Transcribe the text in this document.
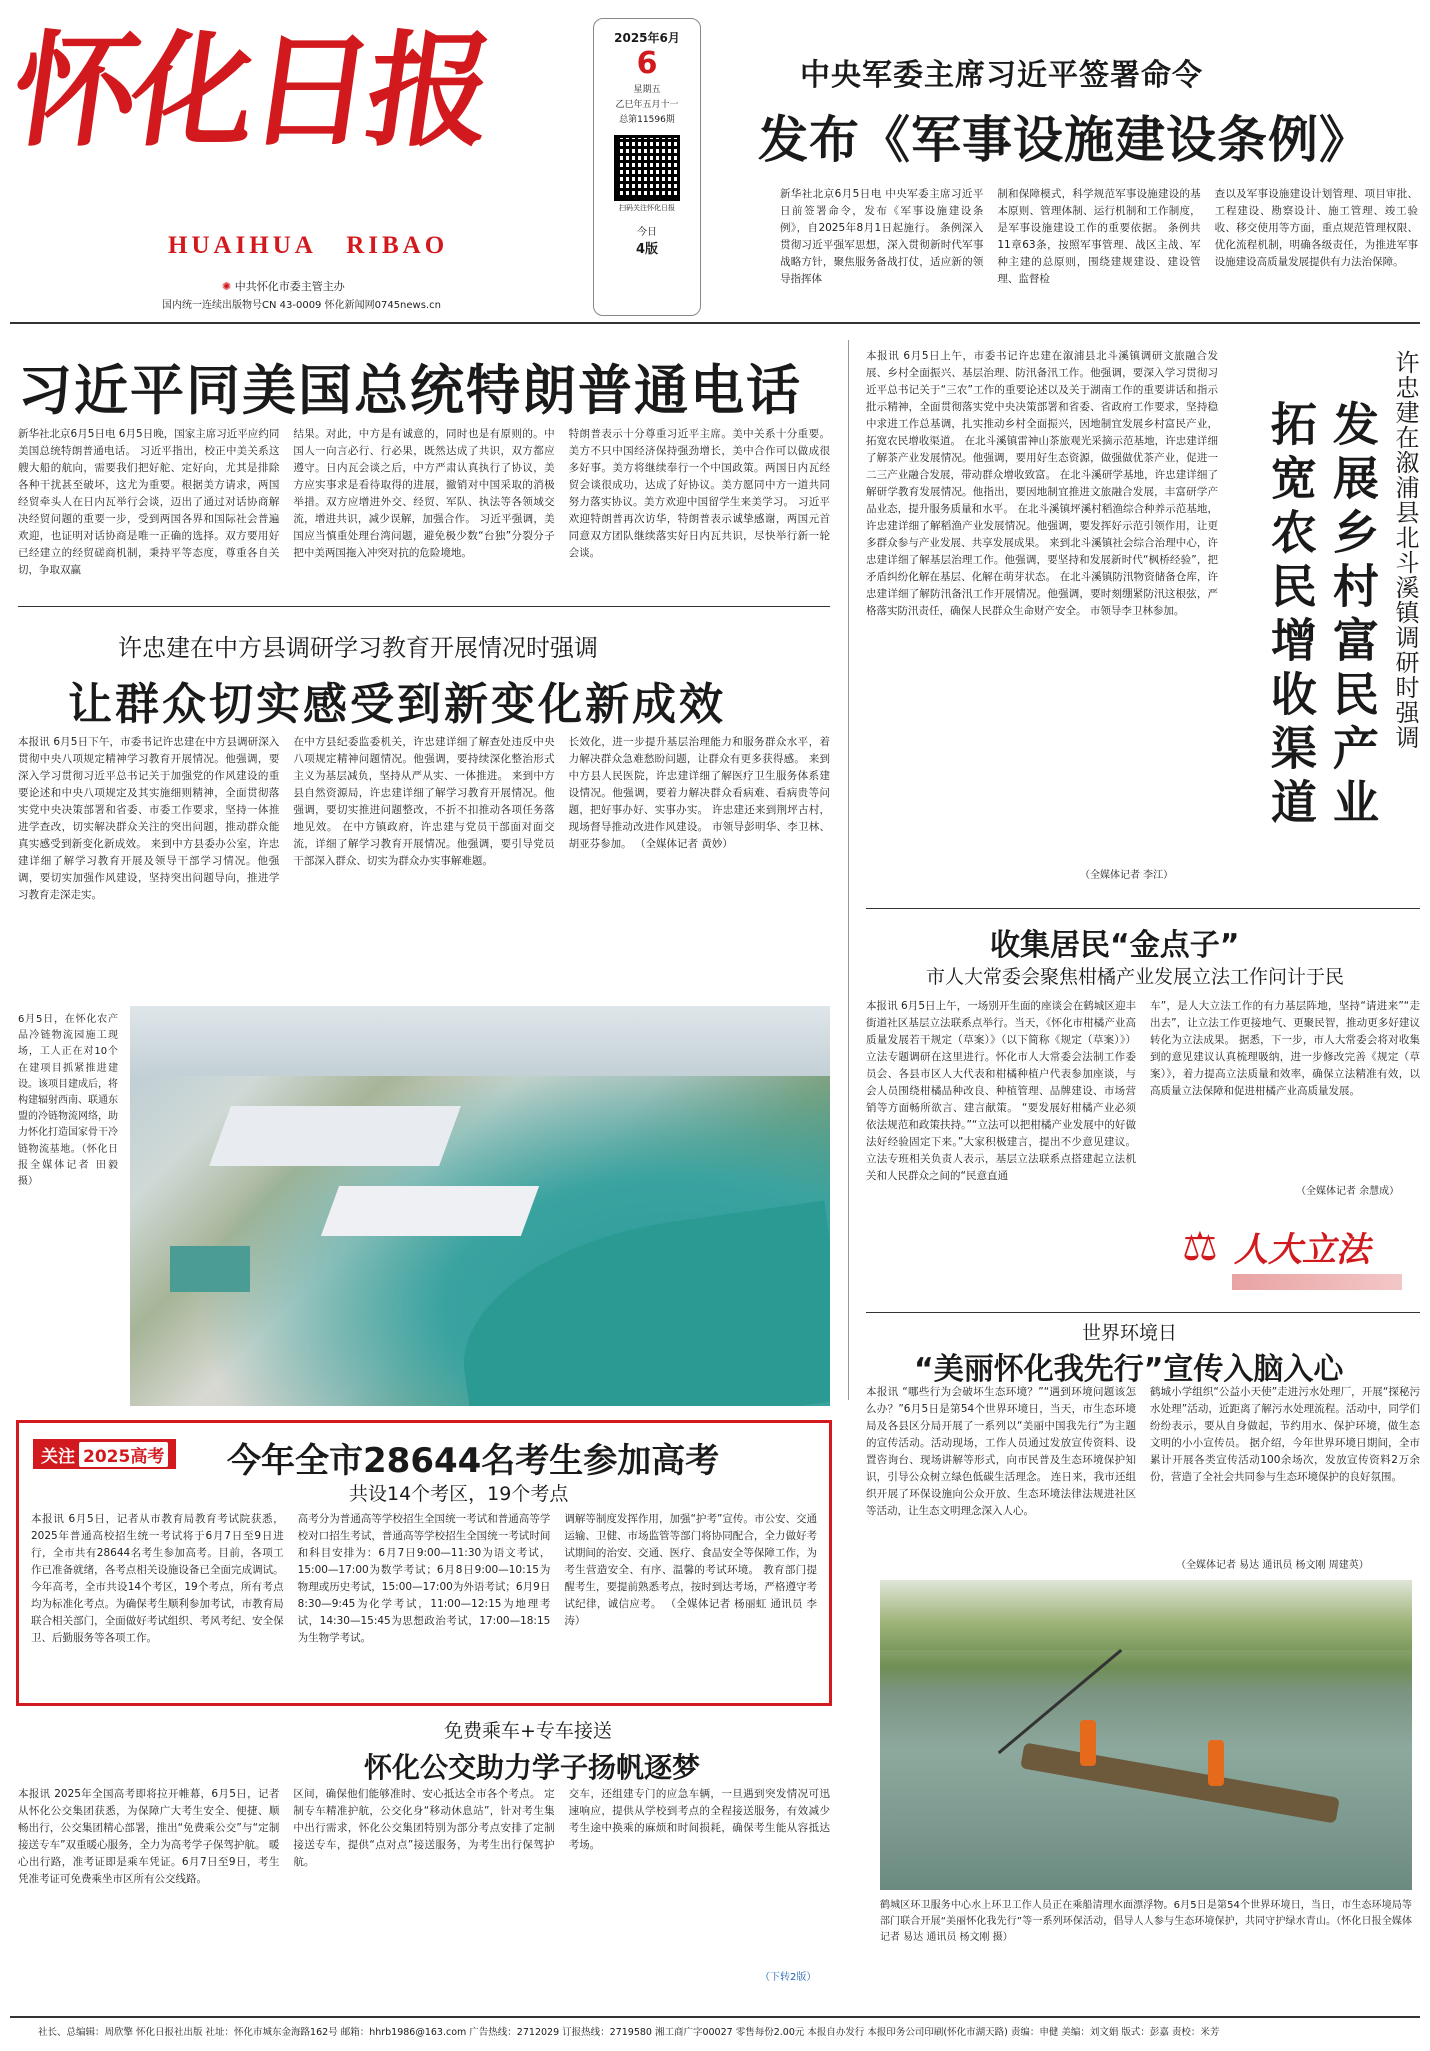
怀化日报
HUAIHUA   RIBAO
✺ 中共怀化市委主管主办
国内统一连续出版物号CN 43-0009 怀化新闻网0745news.cn
2025年6月
6
星期五
乙巳年五月十一
总第11596期
扫码关注怀化日报
今日
4版
中央军委主席习近平签署命令
发布《军事设施建设条例》
新华社北京6月5日电 中央军委主席习近平日前签署命令，发布《军事设施建设条例》，自2025年8月1日起施行。 条例深入贯彻习近平强军思想，深入贯彻新时代军事战略方针，聚焦服务备战打仗，适应新的领导指挥体
制和保障模式，科学规范军事设施建设的基本原则、管理体制、运行机制和工作制度，是军事设施建设工作的重要依据。 条例共11章63条，按照军事管理、战区主战、军种主建的总原则，围绕建规建设、建设管理、监督检
查以及军事设施建设计划管理、项目审批、工程建设、勘察设计、施工管理、竣工验收、移交使用等方面，重点规范管理权限、优化流程机制，明确各级责任，为推进军事设施建设高质量发展提供有力法治保障。
习近平同美国总统特朗普通电话
新华社北京6月5日电 6月5日晚，国家主席习近平应约同美国总统特朗普通电话。 习近平指出，校正中美关系这艘大船的航向，需要我们把好舵、定好向，尤其是排除各种干扰甚至破坏，这尤为重要。根据美方请求，两国经贸牵头人在日内瓦举行会谈，迈出了通过对话协商解决经贸问题的重要一步，受到两国各界和国际社会普遍欢迎，也证明对话协商是唯一正确的选择。双方要用好已经建立的经贸磋商机制，秉持平等态度，尊重各自关切，争取双赢
结果。对此，中方是有诚意的，同时也是有原则的。中国人一向言必行、行必果，既然达成了共识，双方都应遵守。日内瓦会谈之后，中方严肃认真执行了协议，美方应实事求是看待取得的进展，撤销对中国采取的消极举措。双方应增进外交、经贸、军队、执法等各领域交流，增进共识，减少误解，加强合作。 习近平强调，美国应当慎重处理台湾问题，避免极少数“台独”分裂分子把中美两国拖入冲突对抗的危险境地。
特朗普表示十分尊重习近平主席。美中关系十分重要。美方不只中国经济保持强劲增长，美中合作可以做成很多好事。美方将继续奉行一个中国政策。两国日内瓦经贸会谈很成功，达成了好协议。美方愿同中方一道共同努力落实协议。美方欢迎中国留学生来美学习。 习近平欢迎特朗普再次访华，特朗普表示诚挚感谢，两国元首同意双方团队继续落实好日内瓦共识，尽快举行新一轮会谈。
许忠建在中方县调研学习教育开展情况时强调
让群众切实感受到新变化新成效
本报讯 6月5日下午，市委书记许忠建在中方县调研深入贯彻中央八项规定精神学习教育开展情况。他强调，要深入学习贯彻习近平总书记关于加强党的作风建设的重要论述和中央八项规定及其实施细则精神，全面贯彻落实党中央决策部署和省委、市委工作要求，坚持一体推进学查改，切实解决群众关注的突出问题，推动群众能真实感受到新变化新成效。 来到中方县委办公室，许忠建详细了解学习教育开展及领导干部学习情况。他强调，要切实加强作风建设，坚持突出问题导向，推进学习教育走深走实。
在中方县纪委监委机关，许忠建详细了解查处违反中央八项规定精神问题情况。他强调，要持续深化整治形式主义为基层减负，坚持从严从实、一体推进。 来到中方县自然资源局，许忠建详细了解学习教育开展情况。他强调，要切实推进问题整改，不折不扣推动各项任务落地见效。 在中方镇政府，许忠建与党员干部面对面交流，详细了解学习教育开展情况。他强调，要引导党员干部深入群众、切实为群众办实事解难题。
长效化，进一步提升基层治理能力和服务群众水平，着力解决群众急难愁盼问题，让群众有更多获得感。 来到中方县人民医院，许忠建详细了解医疗卫生服务体系建设情况。他强调，要着力解决群众看病难、看病贵等问题，把好事办好、实事办实。 许忠建还来到荆坪古村，现场督导推动改进作风建设。 市领导彭明华、李卫林、胡亚芬参加。 （全媒体记者 黄妙）
本报讯 6月5日上午，市委书记许忠建在溆浦县北斗溪镇调研文旅融合发展、乡村全面振兴、基层治理、防汛备汛工作。他强调，要深入学习贯彻习近平总书记关于“三农”工作的重要论述以及关于湖南工作的重要讲话和指示批示精神，全面贯彻落实党中央决策部署和省委、省政府工作要求，坚持稳中求进工作总基调，扎实推动乡村全面振兴，因地制宜发展乡村富民产业，拓宽农民增收渠道。 在北斗溪镇雷神山茶旅观光采摘示范基地，许忠建详细了解茶产业发展情况。他强调，要用好生态资源，做强做优茶产业，促进一二三产业融合发展，带动群众增收致富。 在北斗溪研学基地，许忠建详细了解研学教育发展情况。他指出，要因地制宜推进文旅融合发展，丰富研学产品业态，提升服务质量和水平。 在北斗溪镇坪溪村稻渔综合种养示范基地，许忠建详细了解稻渔产业发展情况。他强调，要发挥好示范引领作用，让更多群众参与产业发展、共享发展成果。 来到北斗溪镇社会综合治理中心，许忠建详细了解基层治理工作。他强调，要坚持和发展新时代“枫桥经验”，把矛盾纠纷化解在基层、化解在萌芽状态。 在北斗溪镇防汛物资储备仓库，许忠建详细了解防汛备汛工作开展情况。他强调，要时刻绷紧防汛这根弦，严格落实防汛责任，确保人民群众生命财产安全。 市领导李卫林参加。
（全媒体记者 李江）
发展乡村富民产业
拓宽农民增收渠道	许忠建在溆浦县北斗溪镇调研时强调
收集居民“金点子”
市人大常委会聚焦柑橘产业发展立法工作问计于民
本报讯 6月5日上午，一场别开生面的座谈会在鹤城区迎丰街道社区基层立法联系点举行。当天，《怀化市柑橘产业高质量发展若干规定（草案）》（以下简称《规定（草案）》）立法专题调研在这里进行。怀化市人大常委会法制工作委员会、各县市区人大代表和柑橘种植户代表参加座谈，与会人员围绕柑橘品种改良、种植管理、品牌建设、市场营销等方面畅所欲言、建言献策。 “要发展好柑橘产业必须依法规范和政策扶持。”“立法可以把柑橘产业发展中的好做法好经验固定下来。”大家积极建言，提出不少意见建议。 立法专班相关负责人表示，基层立法联系点搭建起立法机关和人民群众之间的“民意直通
车”，是人大立法工作的有力基层阵地，坚持“请进来”“走出去”，让立法工作更接地气、更聚民智，推动更多好建议转化为立法成果。 据悉，下一步，市人大常委会将对收集到的意见建议认真梳理吸纳，进一步修改完善《规定（草案）》，着力提高立法质量和效率，确保立法精准有效，以高质量立法保障和促进柑橘产业高质量发展。
（全媒体记者 余慧成）
⚖ 人大立法
世界环境日
“美丽怀化我先行”宣传入脑入心
本报讯 “哪些行为会破坏生态环境？”“遇到环境问题该怎么办？”6月5日是第54个世界环境日，当天，市生态环境局及各县区分局开展了一系列以“美丽中国我先行”为主题的宣传活动。活动现场，工作人员通过发放宣传资料、设置咨询台、现场讲解等形式，向市民普及生态环境保护知识，引导公众树立绿色低碳生活理念。 连日来，我市还组织开展了环保设施向公众开放、生态环境法律法规进社区等活动，让生态文明理念深入人心。
鹤城小学组织“公益小天使”走进污水处理厂，开展“探秘污水处理”活动，近距离了解污水处理流程。活动中，同学们纷纷表示，要从自身做起，节约用水、保护环境，做生态文明的小小宣传员。 据介绍，今年世界环境日期间，全市累计开展各类宣传活动100余场次，发放宣传资料2万余份，营造了全社会共同参与生态环境保护的良好氛围。
（全媒体记者 易达 通讯员 杨文刚 周建英）
鹤城区环卫服务中心水上环卫工作人员正在乘船清理水面漂浮物。6月5日是第54个世界环境日，当日，市生态环境局等部门联合开展“美丽怀化我先行”等一系列环保活动，倡导人人参与生态环境保护，共同守护绿水青山。（怀化日报全媒体记者 易达 通讯员 杨文刚 摄）
6月5日，在怀化农产品冷链物流园施工现场，工人正在对10个在建项目抓紧推进建设。该项目建成后，将构建辐射西南、联通东盟的冷链物流网络，助力怀化打造国家骨干冷链物流基地。（怀化日报全媒体记者 田毅 摄）
关注 2025高考 今年全市28644名考生参加高考
共设14个考区，19个考点
本报讯 6月5日，记者从市教育局教育考试院获悉，2025年普通高校招生统一考试将于6月7日至9日进行，全市共有28644名考生参加高考。目前，各项工作已准备就绪，各考点相关设施设备已全面完成调试。 今年高考，全市共设14个考区，19个考点，所有考点均为标准化考点。为确保考生顺利参加考试，市教育局联合相关部门，全面做好考试组织、考风考纪、安全保卫、后勤服务等各项工作。
高考分为普通高等学校招生全国统一考试和普通高等学校对口招生考试，普通高等学校招生全国统一考试时间和科目安排为：6月7日9:00—11:30为语文考试，15:00—17:00为数学考试；6月8日9:00—10:15为物理或历史考试，15:00—17:00为外语考试；6月9日8:30—9:45为化学考试，11:00—12:15为地理考试，14:30—15:45为思想政治考试，17:00—18:15为生物学考试。
调解等制度发挥作用，加强“护考”宣传。市公安、交通运输、卫健、市场监管等部门将协同配合，全力做好考试期间的治安、交通、医疗、食品安全等保障工作，为考生营造安全、有序、温馨的考试环境。 教育部门提醒考生，要提前熟悉考点，按时到达考场，严格遵守考试纪律，诚信应考。 （全媒体记者 杨丽虹 通讯员 李涛）
免费乘车+专车接送
怀化公交助力学子扬帆逐梦
本报讯 2025年全国高考即将拉开帷幕，6月5日，记者从怀化公交集团获悉，为保障广大考生安全、便捷、顺畅出行，公交集团精心部署，推出“免费乘公交”与“定制接送专车”双重暖心服务，全力为高考学子保驾护航。 暖心出行路，准考证即是乘车凭证。6月7日至9日，考生凭准考证可免费乘坐市区所有公交线路。
区间，确保他们能够准时、安心抵达全市各个考点。 定制专车精准护航，公交化身“移动休息站”，针对考生集中出行需求，怀化公交集团特别为部分考点安排了定制接送专车，提供“点对点”接送服务，为考生出行保驾护航。
交车，还组建专门的应急车辆，一旦遇到突发情况可迅速响应，提供从学校到考点的全程接送服务，有效减少考生途中换乘的麻烦和时间损耗，确保考生能从容抵达考场。
（下转2版）
社长、总编辑：周欣擎 怀化日报社出版 社址：怀化市城东金海路162号 邮箱：hhrb1986@163.com 广告热线：2712029 订报热线：2719580 湘工商广字00027 零售每份2.00元 本报自办发行 本报印务公司印刷(怀化市湖天路) 责编：申健 美编：刘文娟 版式：彭嘉 责校：米芳
